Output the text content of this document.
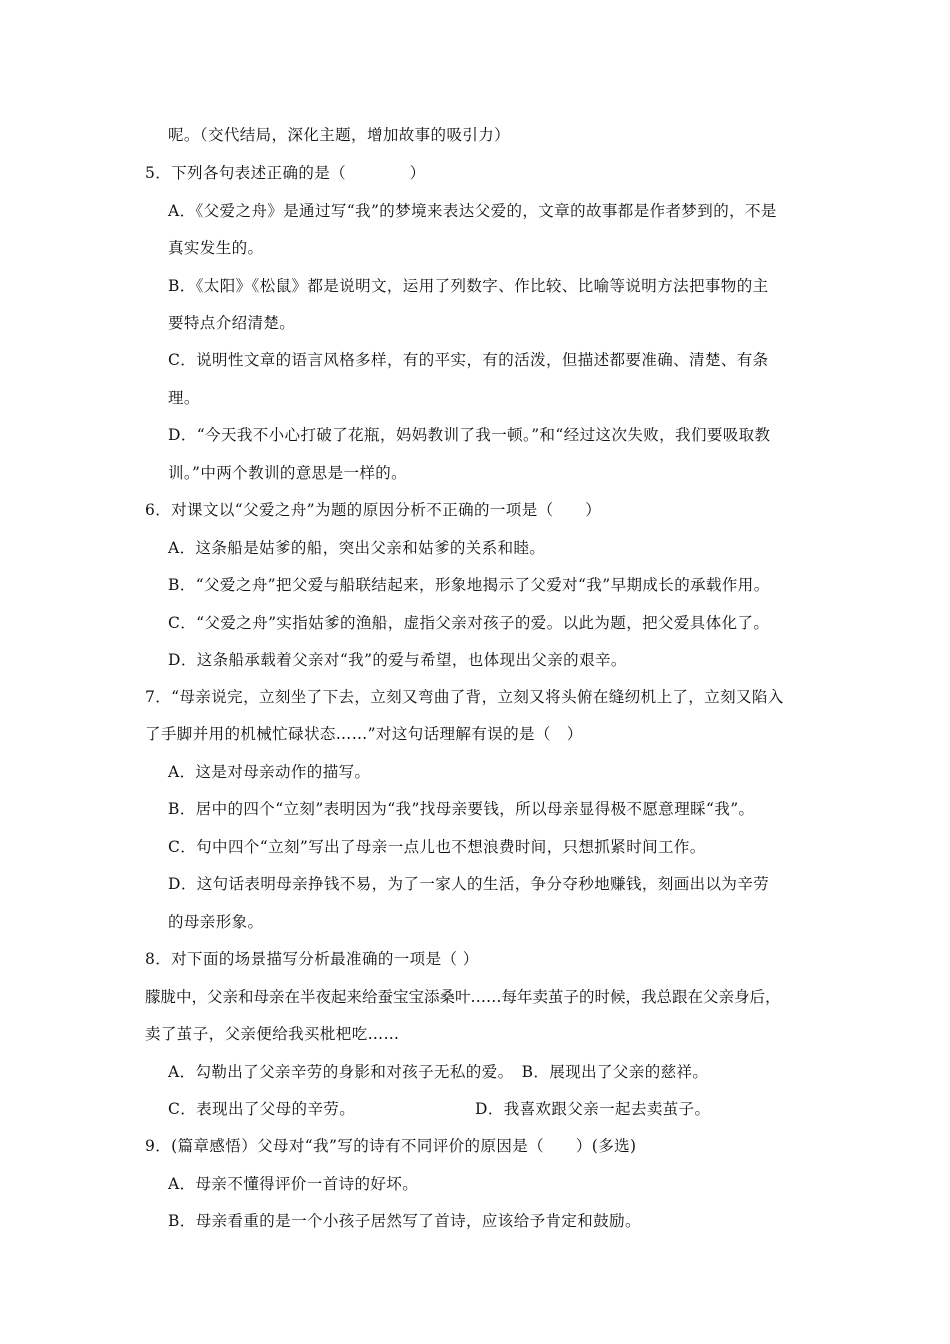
呢。（交代结局，深化主题，增加故事的吸引力）
5．下列各句表述正确的是（　　　　）
A．《父爱之舟》是通过写“我”的梦境来表达父爱的，文章的故事都是作者梦到的，不是
真实发生的。
B．《太阳》《松鼠》都是说明文，运用了列数字、作比较、比喻等说明方法把事物的主
要特点介绍清楚。
C．说明性文章的语言风格多样，有的平实，有的活泼，但描述都要准确、清楚、有条
理。
D．“今天我不小心打破了花瓶，妈妈教训了我一顿。”和“经过这次失败，我们要吸取教
训。”中两个教训的意思是一样的。
6．对课文以“父爱之舟”为题的原因分析不正确的一项是（　　）
A．这条船是姑爹的船，突出父亲和姑爹的关系和睦。
B．“父爱之舟”把父爱与船联结起来，形象地揭示了父爱对“我”早期成长的承载作用。
C．“父爱之舟”实指姑爹的渔船，虚指父亲对孩子的爱。以此为题，把父爱具体化了。
D．这条船承载着父亲对“我”的爱与希望，也体现出父亲的艰辛。
7．“母亲说完，立刻坐了下去，立刻又弯曲了背，立刻又将头俯在缝纫机上了，立刻又陷入
了手脚并用的机械忙碌状态……”对这句话理解有误的是（　）
A．这是对母亲动作的描写。
B．居中的四个“立刻”表明因为“我”找母亲要钱，所以母亲显得极不愿意理睬“我”。
C．句中四个“立刻”写出了母亲一点儿也不想浪费时间，只想抓紧时间工作。
D．这句话表明母亲挣钱不易，为了一家人的生活，争分夺秒地赚钱，刻画出以为辛劳
的母亲形象。
8．对下面的场景描写分析最准确的一项是（ ）
朦胧中，父亲和母亲在半夜起来给蚕宝宝添桑叶……每年卖茧子的时候，我总跟在父亲身后，
卖了茧子，父亲便给我买枇杷吃……
A．勾勒出了父亲辛劳的身影和对孩子无私的爱。　B．展现出了父亲的慈祥。
C．表现出了父母的辛劳。	D．我喜欢跟父亲一起去卖茧子。
9．(篇章感悟）父母对“我”写的诗有不同评价的原因是（　　）(多选)
A．母亲不懂得评价一首诗的好坏。
B．母亲看重的是一个小孩子居然写了首诗，应该给予肯定和鼓励。
